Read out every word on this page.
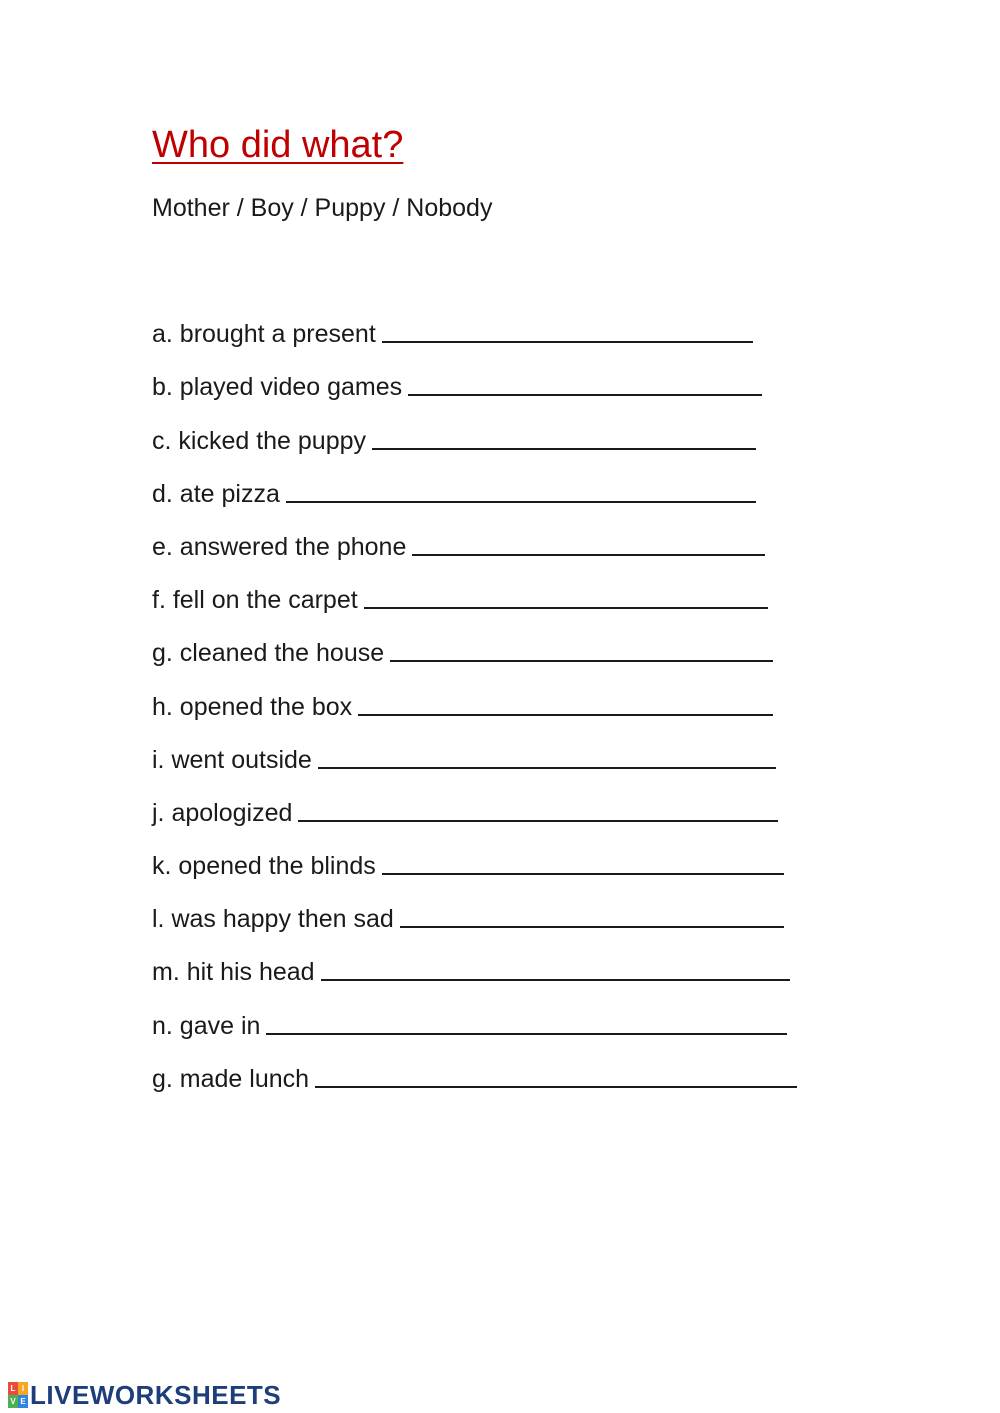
Who did what?

Mother / Boy / Puppy / Nobody

a. brought a present
b. played video games
c. kicked the puppy
d. ate pizza
e. answered the phone
f. fell on the carpet
g. cleaned the house
h. opened the box
i. went outside
j. apologized
k. opened the blinds
l. was happy then sad
m. hit his head
n. gave in
g. made lunch
L I
V E LIVEWORKSHEETS
